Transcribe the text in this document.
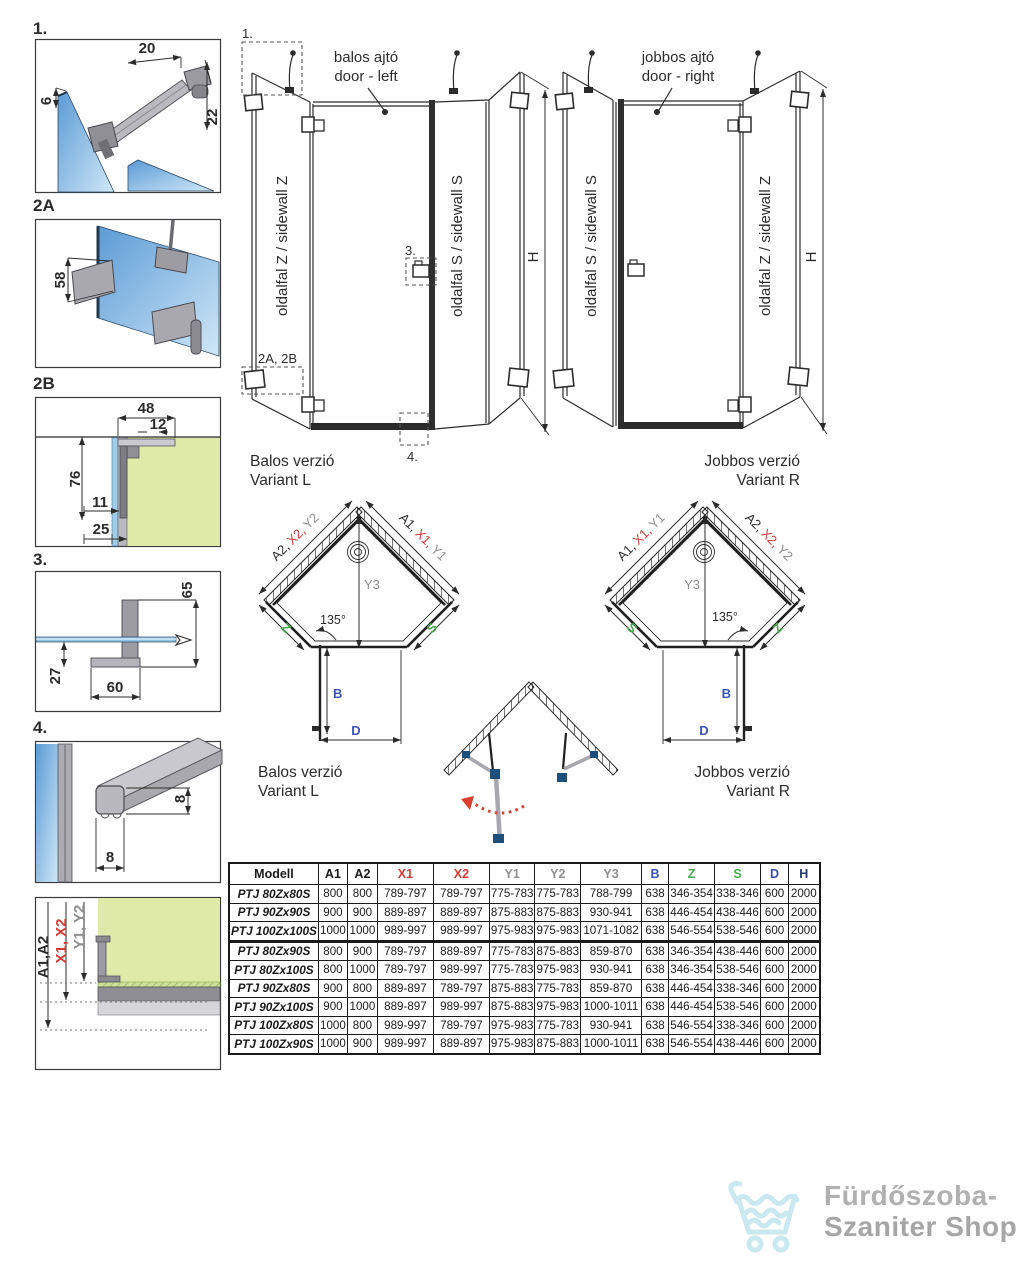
1.
20
6
22
2A
58
2B
48
12
76
11
25
3.
65
27
60
4.
8
8
A1,A2 X1, X2 Y1, Y2
1.
3.
2A, 2B
4.
balos ajtó
door - left
oldalfal Z / sidewall Z	oldalfal S / sidewall S	H
jobbos ajtó
door - right
oldalfal S / sidewall S	oldalfal Z / sidewall Z H
Balos verzió
Variant L
Jobbos verzió
Variant R
A2,X2,Y2	A1,X1,Y1
Z	S
Y3
135°
B
D
A1,X1,Y1	A2,X2,Y2
S	Z
Y3
135°
B
D
Balos verzió
Variant L
Jobbos verzió
Variant R
Modell	A1	A2	X1	X2	Y1	Y2	Y3	B	Z	S	D	H
PTJ 80Zx80S	800	800	789-797	789-797	775-783	775-783	788-799	638	346-354	338-346	600	2000
PTJ 90Zx90S	900	900	889-897	889-897	875-883	875-883	930-941	638	446-454	438-446	600	2000
PTJ 100Zx100S	1000	1000	989-997	989-997	975-983	975-983	1071-1082	638	546-554	538-546	600	2000
PTJ 80Zx90S	800	900	789-797	889-897	775-783	875-883	859-870	638	346-354	438-446	600	2000
PTJ 80Zx100S	800	1000	789-797	989-997	775-783	975-983	930-941	638	346-354	538-546	600	2000
PTJ 90Zx80S	900	800	889-897	789-797	875-883	775-783	859-870	638	446-454	338-346	600	2000
PTJ 90Zx100S	900	1000	889-897	989-997	875-883	975-983	1000-1011	638	446-454	538-546	600	2000
PTJ 100Zx80S	1000	800	989-997	789-797	975-983	775-783	930-941	638	546-554	338-346	600	2000
PTJ 100Zx90S	1000	900	989-997	889-897	975-983	875-883	1000-1011	638	546-554	438-446	600	2000
Fürdőszoba-
Szaniter Shop
